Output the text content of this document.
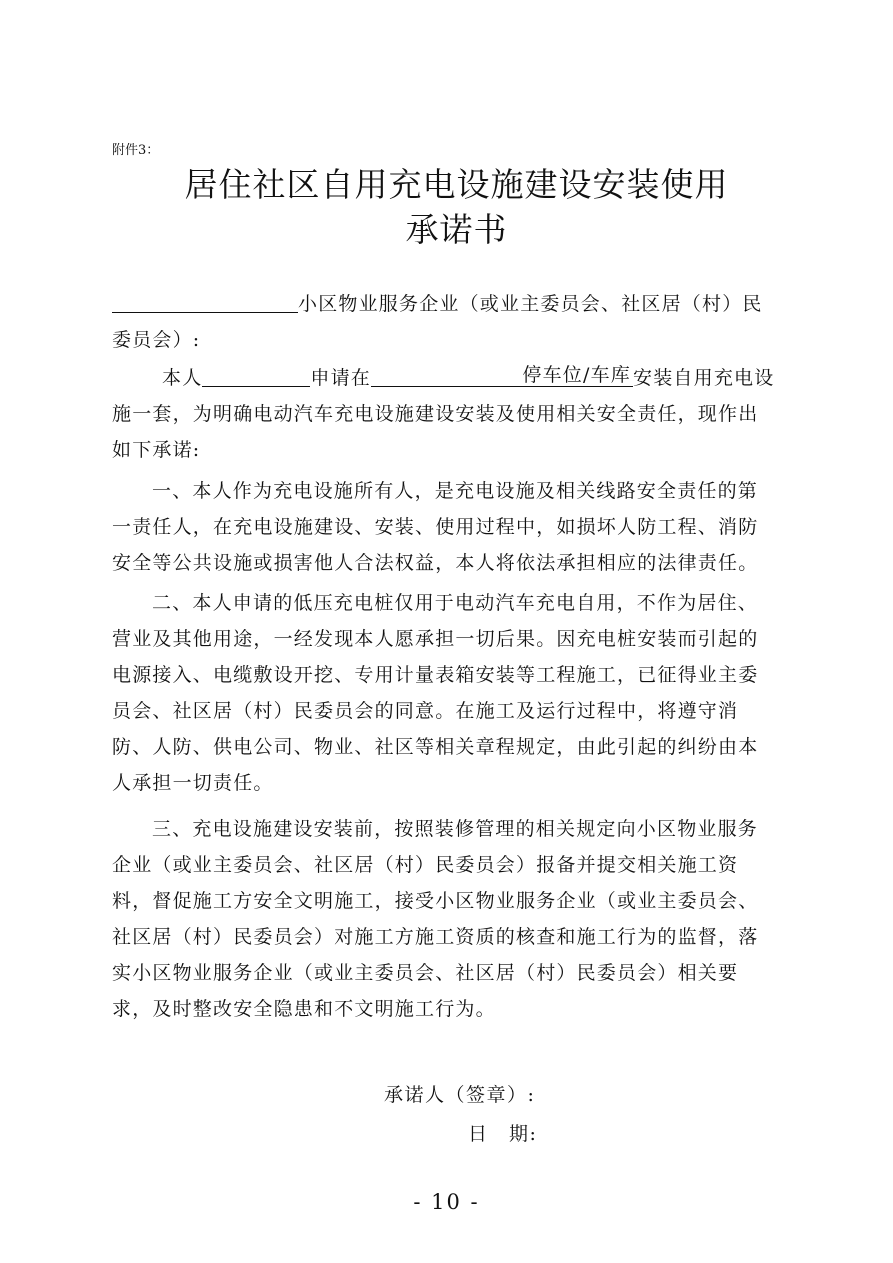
附件3：
居住社区自用充电设施建设安装使用
承诺书
小区物业服务企业（或业主委员会、社区居（村）民
委员会）:
本人	申请在	停车位/车库 安装自用充电设
施一套，为明确电动汽车充电设施建设安装及使用相关安全责任，现作出
如下承诺:
一、本人作为充电设施所有人，是充电设施及相关线路安全责任的第
一责任人，在充电设施建设、安装、使用过程中，如损坏人防工程、消防
安全等公共设施或损害他人合法权益，本人将依法承担相应的法律责任。
二、本人申请的低压充电桩仅用于电动汽车充电自用，不作为居住、
营业及其他用途，一经发现本人愿承担一切后果。因充电桩安装而引起的
电源接入、电缆敷设开挖、专用计量表箱安装等工程施工，已征得业主委
员会、社区居（村）民委员会的同意。在施工及运行过程中，将遵守消
防、人防、供电公司、物业、社区等相关章程规定，由此引起的纠纷由本
人承担一切责任。
三、充电设施建设安装前，按照装修管理的相关规定向小区物业服务
企业（或业主委员会、社区居（村）民委员会）报备并提交相关施工资
料，督促施工方安全文明施工，接受小区物业服务企业（或业主委员会、
社区居（村）民委员会）对施工方施工资质的核查和施工行为的监督，落
实小区物业服务企业（或业主委员会、社区居（村）民委员会）相关要
求，及时整改安全隐患和不文明施工行为。
承诺人（签章）:
日　期:
- 10 -
